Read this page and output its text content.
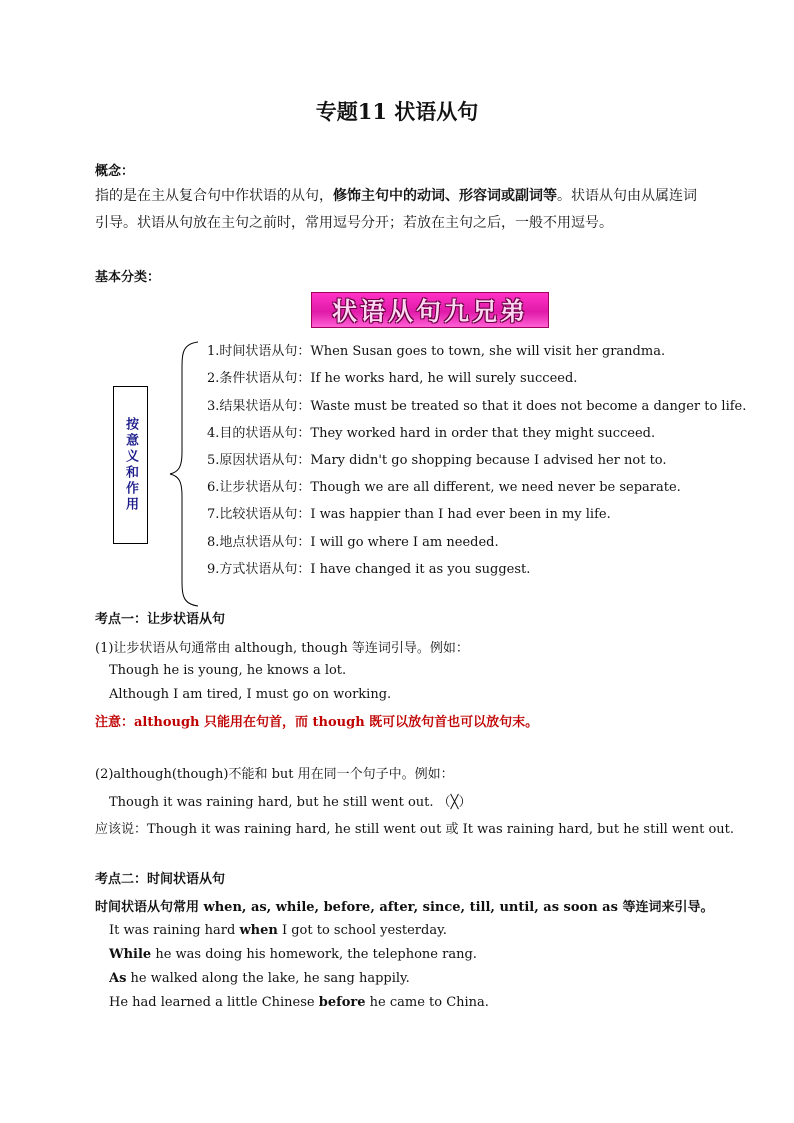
专题11 状语从句
概念：
指的是在主从复合句中作状语的从句，修饰主句中的动词、形容词或副词等。状语从句由从属连词
引导。状语从句放在主句之前时，常用逗号分开；若放在主句之后，一般不用逗号。
基本分类：
状语从句九兄弟
按意义和作用
1.时间状语从句：When Susan goes to town, she will visit her grandma.
2.条件状语从句：If he works hard, he will surely succeed.
3.结果状语从句：Waste must be treated so that it does not become a danger to life.
4.目的状语从句：They worked hard in order that they might succeed.
5.原因状语从句：Mary didn't go shopping because I advised her not to.
6.让步状语从句：Though we are all different, we need never be separate.
7.比较状语从句：I was happier than I had ever been in my life.
8.地点状语从句：I will go where I am needed.
9.方式状语从句：I have changed it as you suggest.
考点一：让步状语从句
(1)让步状语从句通常由 although, though 等连词引导。例如：
Though he is young, he knows a lot.
Although I am tired, I must go on working.
注意：although 只能用在句首，而 though 既可以放句首也可以放句末。
(2)although(though)不能和 but 用在同一个句子中。例如：
Though it was raining hard, but he still went out. （╳）
应该说：Though it was raining hard, he still went out 或 It was raining hard, but he still went out.
考点二：时间状语从句
时间状语从句常用 when, as, while, before, after, since, till, until, as soon as 等连词来引导。
It was raining hard when I got to school yesterday.
While he was doing his homework, the telephone rang.
As he walked along the lake, he sang happily.
He had learned a little Chinese before he came to China.
